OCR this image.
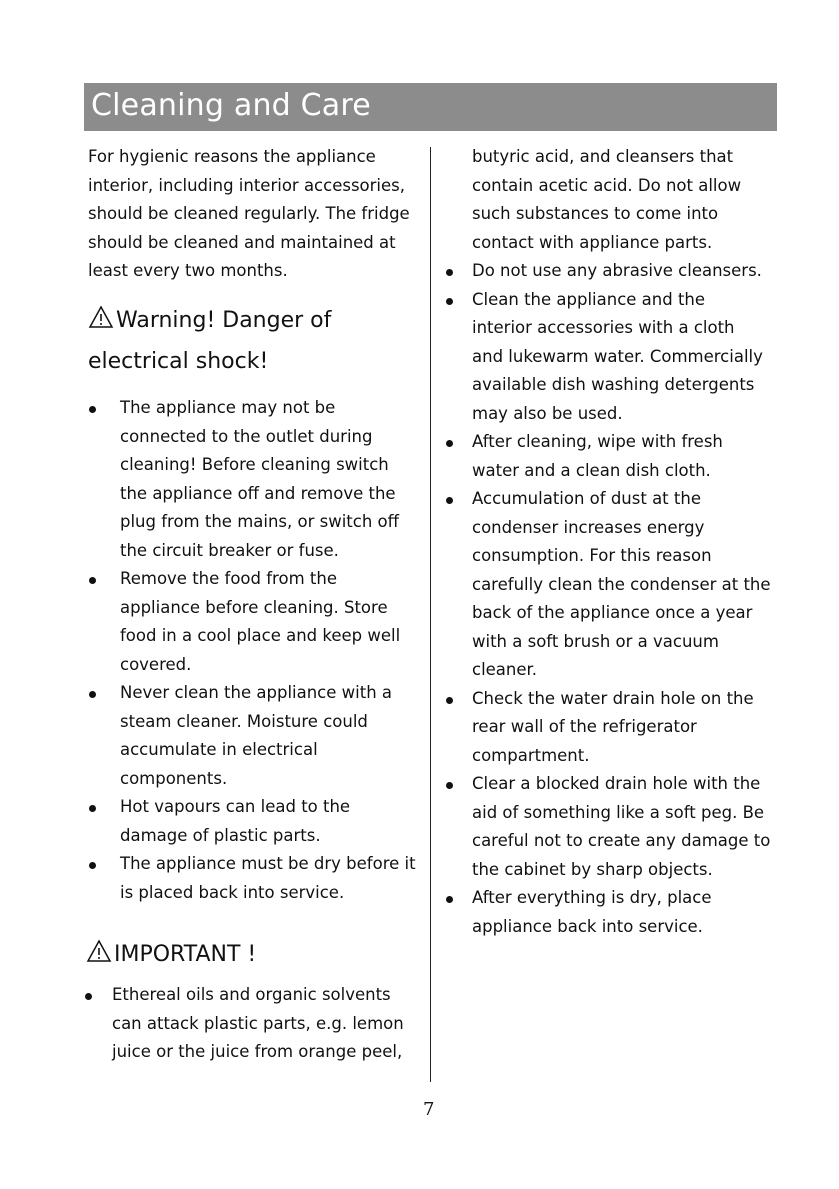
Cleaning and Care
For hygienic reasons the appliance
interior, including interior accessories,
should be cleaned regularly. The fridge
should be cleaned and maintained at
least every two months.
Warning! Danger of
electrical shock!
The appliance may not be
connected to the outlet during
cleaning! Before cleaning switch
the appliance off and remove the
plug from the mains, or switch off
the circuit breaker or fuse.
Remove the food from the
appliance before cleaning. Store
food in a cool place and keep well
covered.
Never clean the appliance with a
steam cleaner. Moisture could
accumulate in electrical
components.
Hot vapours can lead to the
damage of plastic parts.
The appliance must be dry before it
is placed back into service.
IMPORTANT !
Ethereal oils and organic solvents
can attack plastic parts, e.g. lemon
juice or the juice from orange peel,
butyric acid, and cleansers that
contain acetic acid. Do not allow
such substances to come into
contact with appliance parts.
Do not use any abrasive cleansers.
Clean the appliance and the
interior accessories with a cloth
and lukewarm water. Commercially
available dish washing detergents
may also be used.
After cleaning, wipe with fresh
water and a clean dish cloth.
Accumulation of dust at the
condenser increases energy
consumption. For this reason
carefully clean the condenser at the
back of the appliance once a year
with a soft brush or a vacuum
cleaner.
Check the water drain hole on the
rear wall of the refrigerator
compartment.
Clear a blocked drain hole with the
aid of something like a soft peg. Be
careful not to create any damage to
the cabinet by sharp objects.
After everything is dry, place
appliance back into service.
7
